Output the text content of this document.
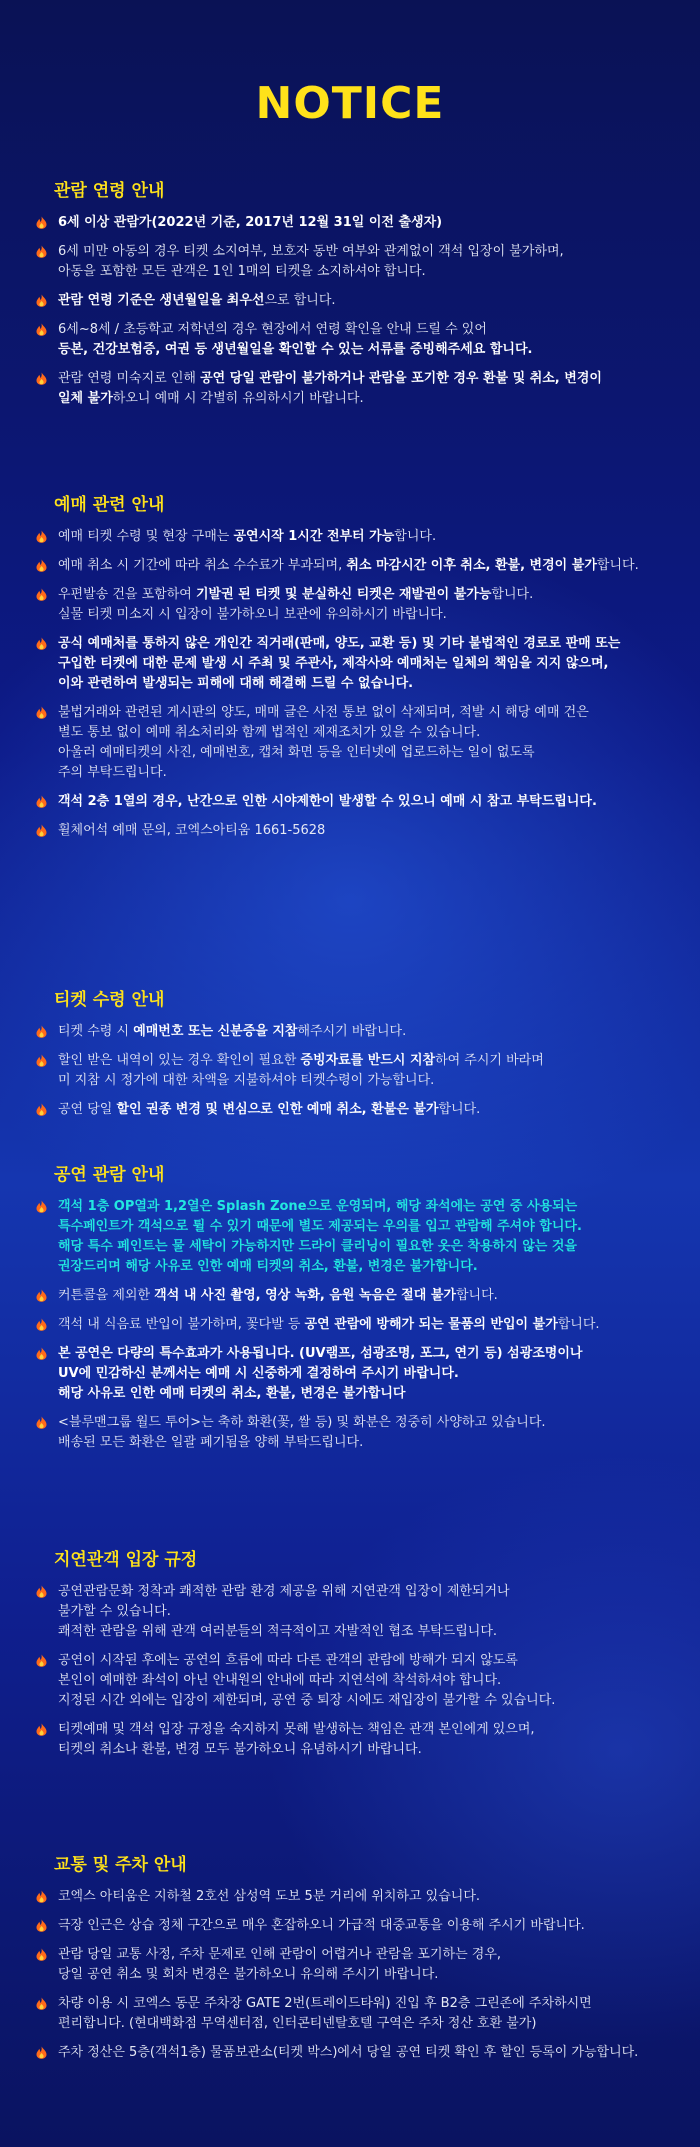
NOTICE
관람 연령 안내
6세 이상 관람가(2022년 기준, 2017년 12월 31일 이전 출생자)
6세 미만 아동의 경우 티켓 소지여부, 보호자 동반 여부와 관계없이 객석 입장이 불가하며,
아동을 포함한 모든 관객은 1인 1매의 티켓을 소지하셔야 합니다.
관람 연령 기준은 생년월일을 최우선으로 합니다.
6세~8세 / 초등학교 저학년의 경우 현장에서 연령 확인을 안내 드릴 수 있어
등본, 건강보험증, 여권 등 생년월일을 확인할 수 있는 서류를 증빙해주세요 합니다.
관람 연령 미숙지로 인해 공연 당일 관람이 불가하거나 관람을 포기한 경우 환불 및 취소, 변경이
일체 불가하오니 예매 시 각별히 유의하시기 바랍니다.
예매 관련 안내
예매 티켓 수령 및 현장 구매는 공연시작 1시간 전부터 가능합니다.
예매 취소 시 기간에 따라 취소 수수료가 부과되며, 취소 마감시간 이후 취소, 환불, 변경이 불가합니다.
우편발송 건을 포함하여 기발권 된 티켓 및 분실하신 티켓은 재발권이 불가능합니다.
실물 티켓 미소지 시 입장이 불가하오니 보관에 유의하시기 바랍니다.
공식 예매처를 통하지 않은 개인간 직거래(판매, 양도, 교환 등) 및 기타 불법적인 경로로 판매 또는
구입한 티켓에 대한 문제 발생 시 주최 및 주관사, 제작사와 예매처는 일체의 책임을 지지 않으며,
이와 관련하여 발생되는 피해에 대해 해결해 드릴 수 없습니다.
불법거래와 관련된 게시판의 양도, 매매 글은 사전 통보 없이 삭제되며, 적발 시 해당 예매 건은
별도 통보 없이 예매 취소처리와 함께 법적인 제재조치가 있을 수 있습니다.
아울러 예매티켓의 사진, 예매번호, 캡쳐 화면 등을 인터넷에 업로드하는 일이 없도록
주의 부탁드립니다.
객석 2층 1열의 경우, 난간으로 인한 시야제한이 발생할 수 있으니 예매 시 참고 부탁드립니다.
휠체어석 예매 문의, 코엑스아티움 1661-5628
티켓 수령 안내
티켓 수령 시 예매번호 또는 신분증을 지참해주시기 바랍니다.
할인 받은 내역이 있는 경우 확인이 필요한 증빙자료를 반드시 지참하여 주시기 바라며
미 지참 시 정가에 대한 차액을 지불하셔야 티켓수령이 가능합니다.
공연 당일 할인 권종 변경 및 변심으로 인한 예매 취소, 환불은 불가합니다.
공연 관람 안내
객석 1층 OP열과 1,2열은 Splash Zone으로 운영되며, 해당 좌석에는 공연 중 사용되는
특수페인트가 객석으로 튈 수 있기 때문에 별도 제공되는 우의를 입고 관람해 주셔야 합니다.
해당 특수 페인트는 물 세탁이 가능하지만 드라이 클리닝이 필요한 옷은 착용하지 않는 것을
권장드리며 해당 사유로 인한 예매 티켓의 취소, 환불, 변경은 불가합니다.
커튼콜을 제외한 객석 내 사진 촬영, 영상 녹화, 음원 녹음은 절대 불가합니다.
객석 내 식음료 반입이 불가하며, 꽃다발 등 공연 관람에 방해가 되는 물품의 반입이 불가합니다.
본 공연은 다량의 특수효과가 사용됩니다. (UV램프, 섬광조명, 포그, 연기 등) 섬광조명이나
UV에 민감하신 분께서는 예매 시 신중하게 결정하여 주시기 바랍니다.
해당 사유로 인한 예매 티켓의 취소, 환불, 변경은 불가합니다
<블루맨그룹 월드 투어>는 축하 화환(꽃, 쌀 등) 및 화분은 정중히 사양하고 있습니다.
배송된 모든 화환은 일괄 폐기됨을 양해 부탁드립니다.
지연관객 입장 규정
공연관람문화 정착과 쾌적한 관람 환경 제공을 위해 지연관객 입장이 제한되거나
불가할 수 있습니다.
쾌적한 관람을 위해 관객 여러분들의 적극적이고 자발적인 협조 부탁드립니다.
공연이 시작된 후에는 공연의 흐름에 따라 다른 관객의 관람에 방해가 되지 않도록
본인이 예매한 좌석이 아닌 안내원의 안내에 따라 지연석에 착석하셔야 합니다.
지정된 시간 외에는 입장이 제한되며, 공연 중 퇴장 시에도 재입장이 불가할 수 있습니다.
티켓예매 및 객석 입장 규정을 숙지하지 못해 발생하는 책임은 관객 본인에게 있으며,
티켓의 취소나 환불, 변경 모두 불가하오니 유념하시기 바랍니다.
교통 및 주차 안내
코엑스 아티움은 지하철 2호선 삼성역 도보 5분 거리에 위치하고 있습니다.
극장 인근은 상습 정체 구간으로 매우 혼잡하오니 가급적 대중교통을 이용해 주시기 바랍니다.
관람 당일 교통 사정, 주차 문제로 인해 관람이 어렵거나 관람을 포기하는 경우,
당일 공연 취소 및 회차 변경은 불가하오니 유의해 주시기 바랍니다.
차량 이용 시 코엑스 동문 주차장 GATE 2번(트레이드타워) 진입 후 B2층 그린존에 주차하시면
편리합니다. (현대백화점 무역센터점, 인터콘티넨탈호텔 구역은 주차 정산 호환 불가)
주차 정산은 5층(객석1층) 물품보관소(티켓 박스)에서 당일 공연 티켓 확인 후 할인 등록이 가능합니다.
